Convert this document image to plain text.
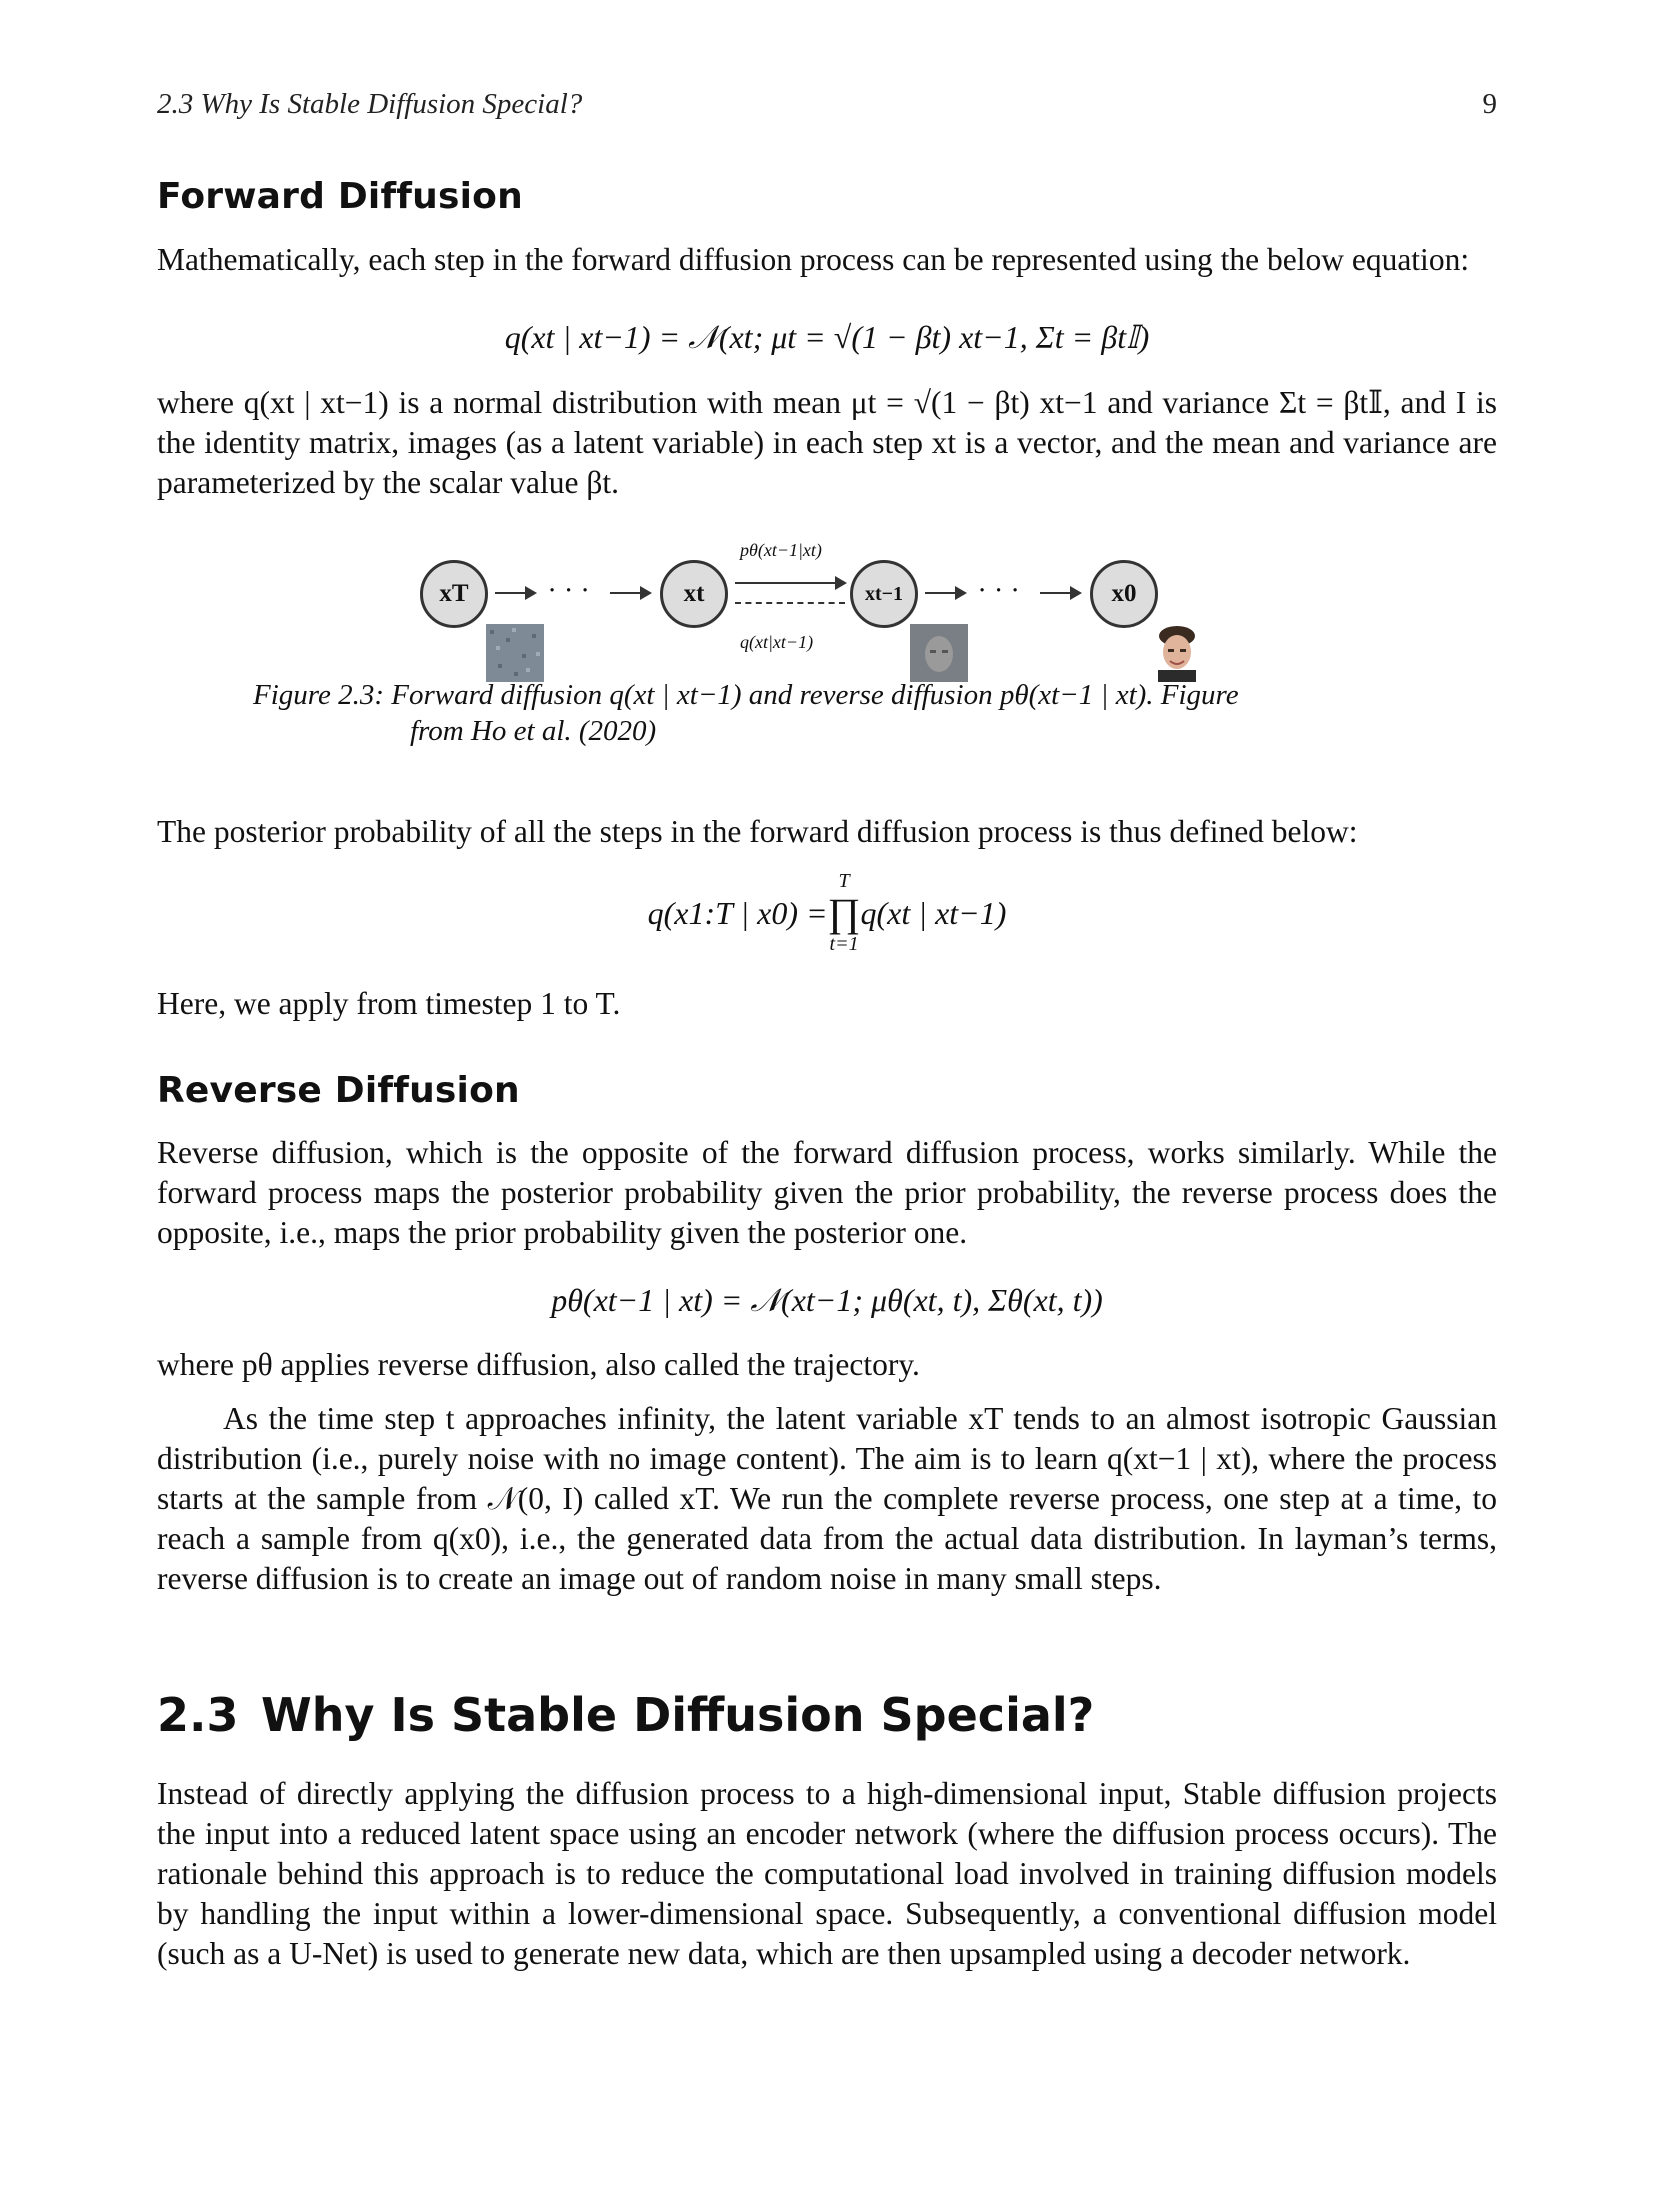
2.3 Why Is Stable Diffusion Special?	9
Forward Diffusion
Mathematically, each step in the forward diffusion process can be represented using the below equation:
q(xt | xt−1) = 𝒩(xt; μt = √(1 − βt) xt−1, Σt = βt𝕀)
where q(xt | xt−1) is a normal distribution with mean μt = √(1 − βt) xt−1 and variance Σt = βt𝕀, and I is the identity matrix, images (as a latent variable) in each step xt is a vector, and the mean and variance are parameterized by the scalar value βt.
xT	· · ·	xt
pθ(xt−1|xt)
q(xt|xt−1)
xt−1	· · ·	x0
Figure 2.3: Forward diffusion q(xt | xt−1) and reverse diffusion pθ(xt−1 | xt). Figure
from Ho et al. (2020)
The posterior probability of all the steps in the forward diffusion process is thus defined below:
q(x1:T | x0) =
T
∏
t=1
q(xt | xt−1)
Here, we apply from timestep 1 to T.
Reverse Diffusion
Reverse diffusion, which is the opposite of the forward diffusion process, works similarly. While the forward process maps the posterior probability given the prior probability, the reverse process does the opposite, i.e., maps the prior probability given the posterior one.
pθ(xt−1 | xt) = 𝒩(xt−1; μθ(xt, t), Σθ(xt, t))
where pθ applies reverse diffusion, also called the trajectory.
As the time step t approaches infinity, the latent variable xT tends to an almost isotropic Gaussian distribution (i.e., purely noise with no image content). The aim is to learn q(xt−1 | xt), where the process starts at the sample from 𝒩(0, I) called xT. We run the complete reverse process, one step at a time, to reach a sample from q(x0), i.e., the generated data from the actual data distribution. In layman’s terms, reverse diffusion is to create an image out of random noise in many small steps.
2.3 Why Is Stable Diffusion Special?
Instead of directly applying the diffusion process to a high-dimensional input, Stable diffusion projects the input into a reduced latent space using an encoder network (where the diffusion process occurs). The rationale behind this approach is to reduce the computational load involved in training diffusion models by handling the input within a lower-dimensional space. Subsequently, a conventional diffusion model (such as a U-Net) is used to generate new data, which are then upsampled using a decoder network.
